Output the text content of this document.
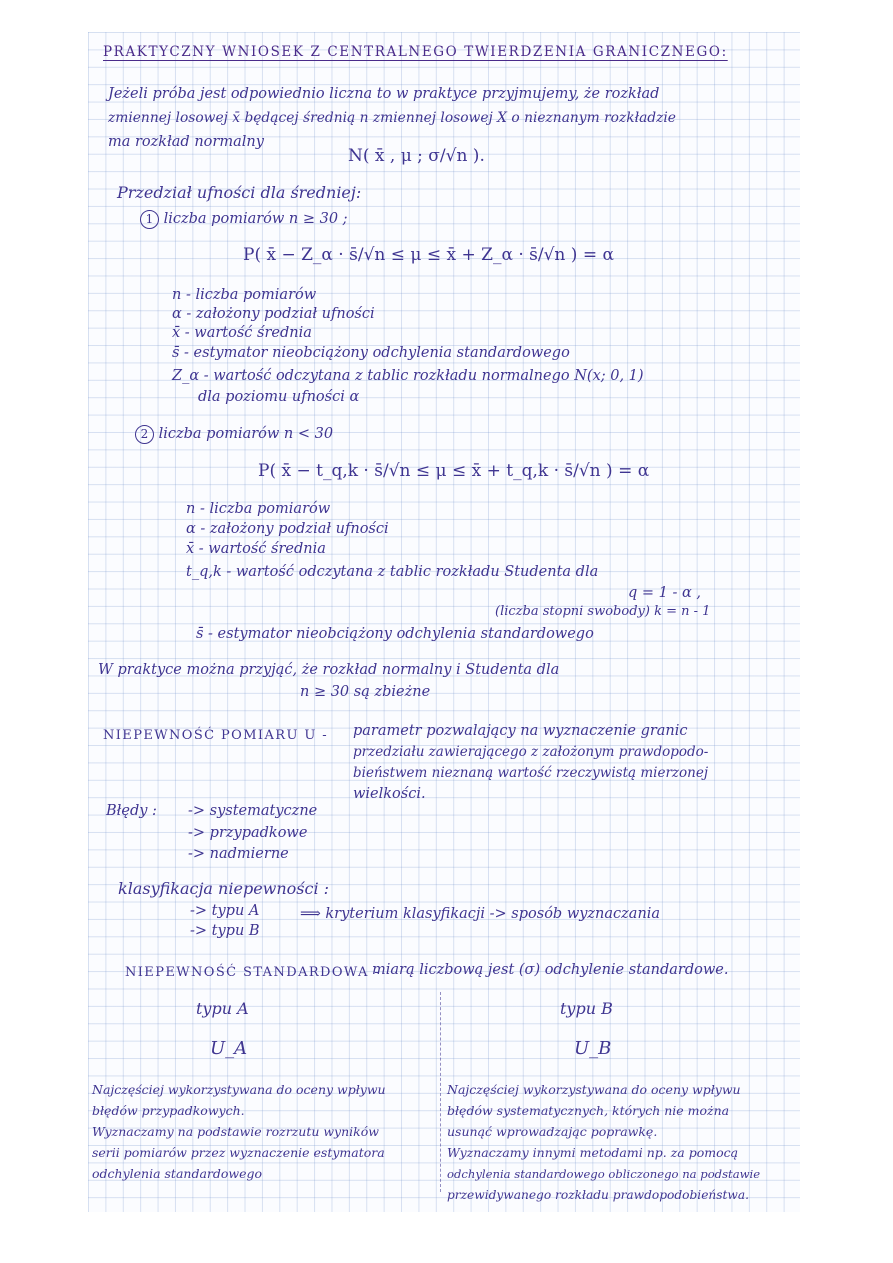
PRAKTYCZNY WNIOSEK Z CENTRALNEGO TWIERDZENIA GRANICZNEGO:
Jeżeli próba jest odpowiednio liczna to w praktyce przyjmujemy, że rozkład
zmiennej losowej x̄ będącej średnią n zmiennej losowej X o nieznanym rozkładzie
ma rozkład normalny
N( x̄ , μ ; σ/√n ).
Przedział ufności dla średniej:
1 liczba pomiarów n ≥ 30 ;
P( x̄ − Z_α · s̄/√n ≤ μ ≤ x̄ + Z_α · s̄/√n ) = α
n - liczba pomiarów
α - założony podział ufności
x̄ - wartość średnia
s̄ - estymator nieobciążony odchylenia standardowego
Z_α - wartość odczytana z tablic rozkładu normalnego N(x; 0, 1)
dla poziomu ufności α
2 liczba pomiarów n < 30
P( x̄ − t_q,k · s̄/√n ≤ μ ≤ x̄ + t_q,k · s̄/√n ) = α
n - liczba pomiarów
α - założony podział ufności
x̄ - wartość średnia
t_q,k - wartość odczytana z tablic rozkładu Studenta dla
q = 1 - α ,
(liczba stopni swobody) k = n - 1
s̄ - estymator nieobciążony odchylenia standardowego
W praktyce można przyjąć, że rozkład normalny i Studenta dla
n ≥ 30 są zbieżne
NIEPEWNOŚĆ POMIARU U - parametr pozwalający na wyznaczenie granic
przedziału zawierającego z założonym prawdopodo-
bieństwem nieznaną wartość rzeczywistą mierzonej
wielkości.
Błędy : -> systematyczne
-> przypadkowe
-> nadmierne
klasyfikacja niepewności :
-> typu A
-> typu B
⟹ kryterium klasyfikacji -> sposób wyznaczania
NIEPEWNOŚĆ STANDARDOWA -
miarą liczbową jest (σ) odchylenie standardowe.
typu A
U_A
typu B
U_B
Najczęściej wykorzystywana do oceny wpływu
błędów przypadkowych.
Wyznaczamy na podstawie rozrzutu wyników
serii pomiarów przez wyznaczenie estymatora
odchylenia standardowego
Najczęściej wykorzystywana do oceny wpływu
błędów systematycznych, których nie można
usunąć wprowadzając poprawkę.
Wyznaczamy innymi metodami np. za pomocą
odchylenia standardowego obliczonego na podstawie
przewidywanego rozkładu prawdopodobieństwa.
